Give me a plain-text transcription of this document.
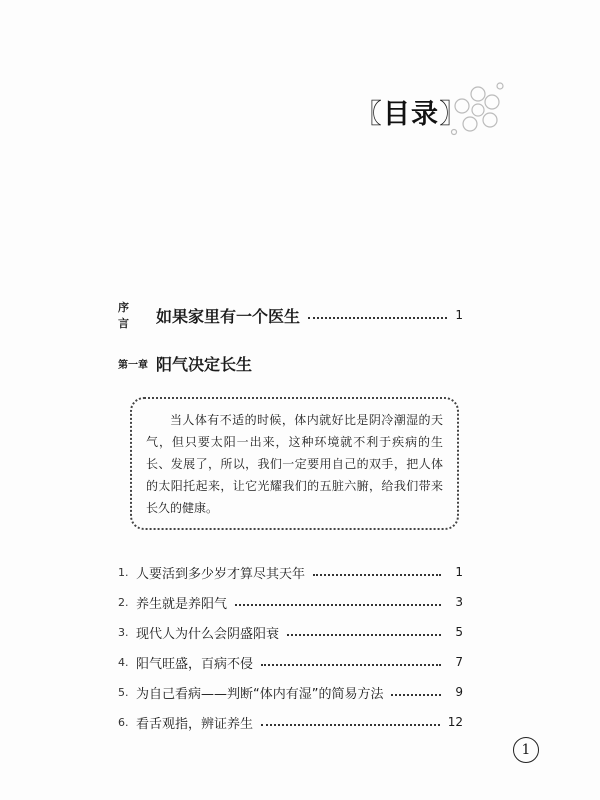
〖目录〗
序 言	如果家里有一个医生	1
第一章 阳气决定长生

当人体有不适的时候，体内就好比是阴冷潮湿的天气，但只要太阳一出来，这种环境就不利于疾病的生长、发展了，所以，我们一定要用自己的双手，把人体的太阳托起来，让它光耀我们的五脏六腑，给我们带来长久的健康。

1. 人要活到多少岁才算尽其天年	1
2. 养生就是养阳气	3
3. 现代人为什么会阴盛阳衰	5
4. 阳气旺盛，百病不侵	7
5. 为自己看病——判断“体内有湿”的简易方法	9
6. 看舌观指，辨证养生	12
1
